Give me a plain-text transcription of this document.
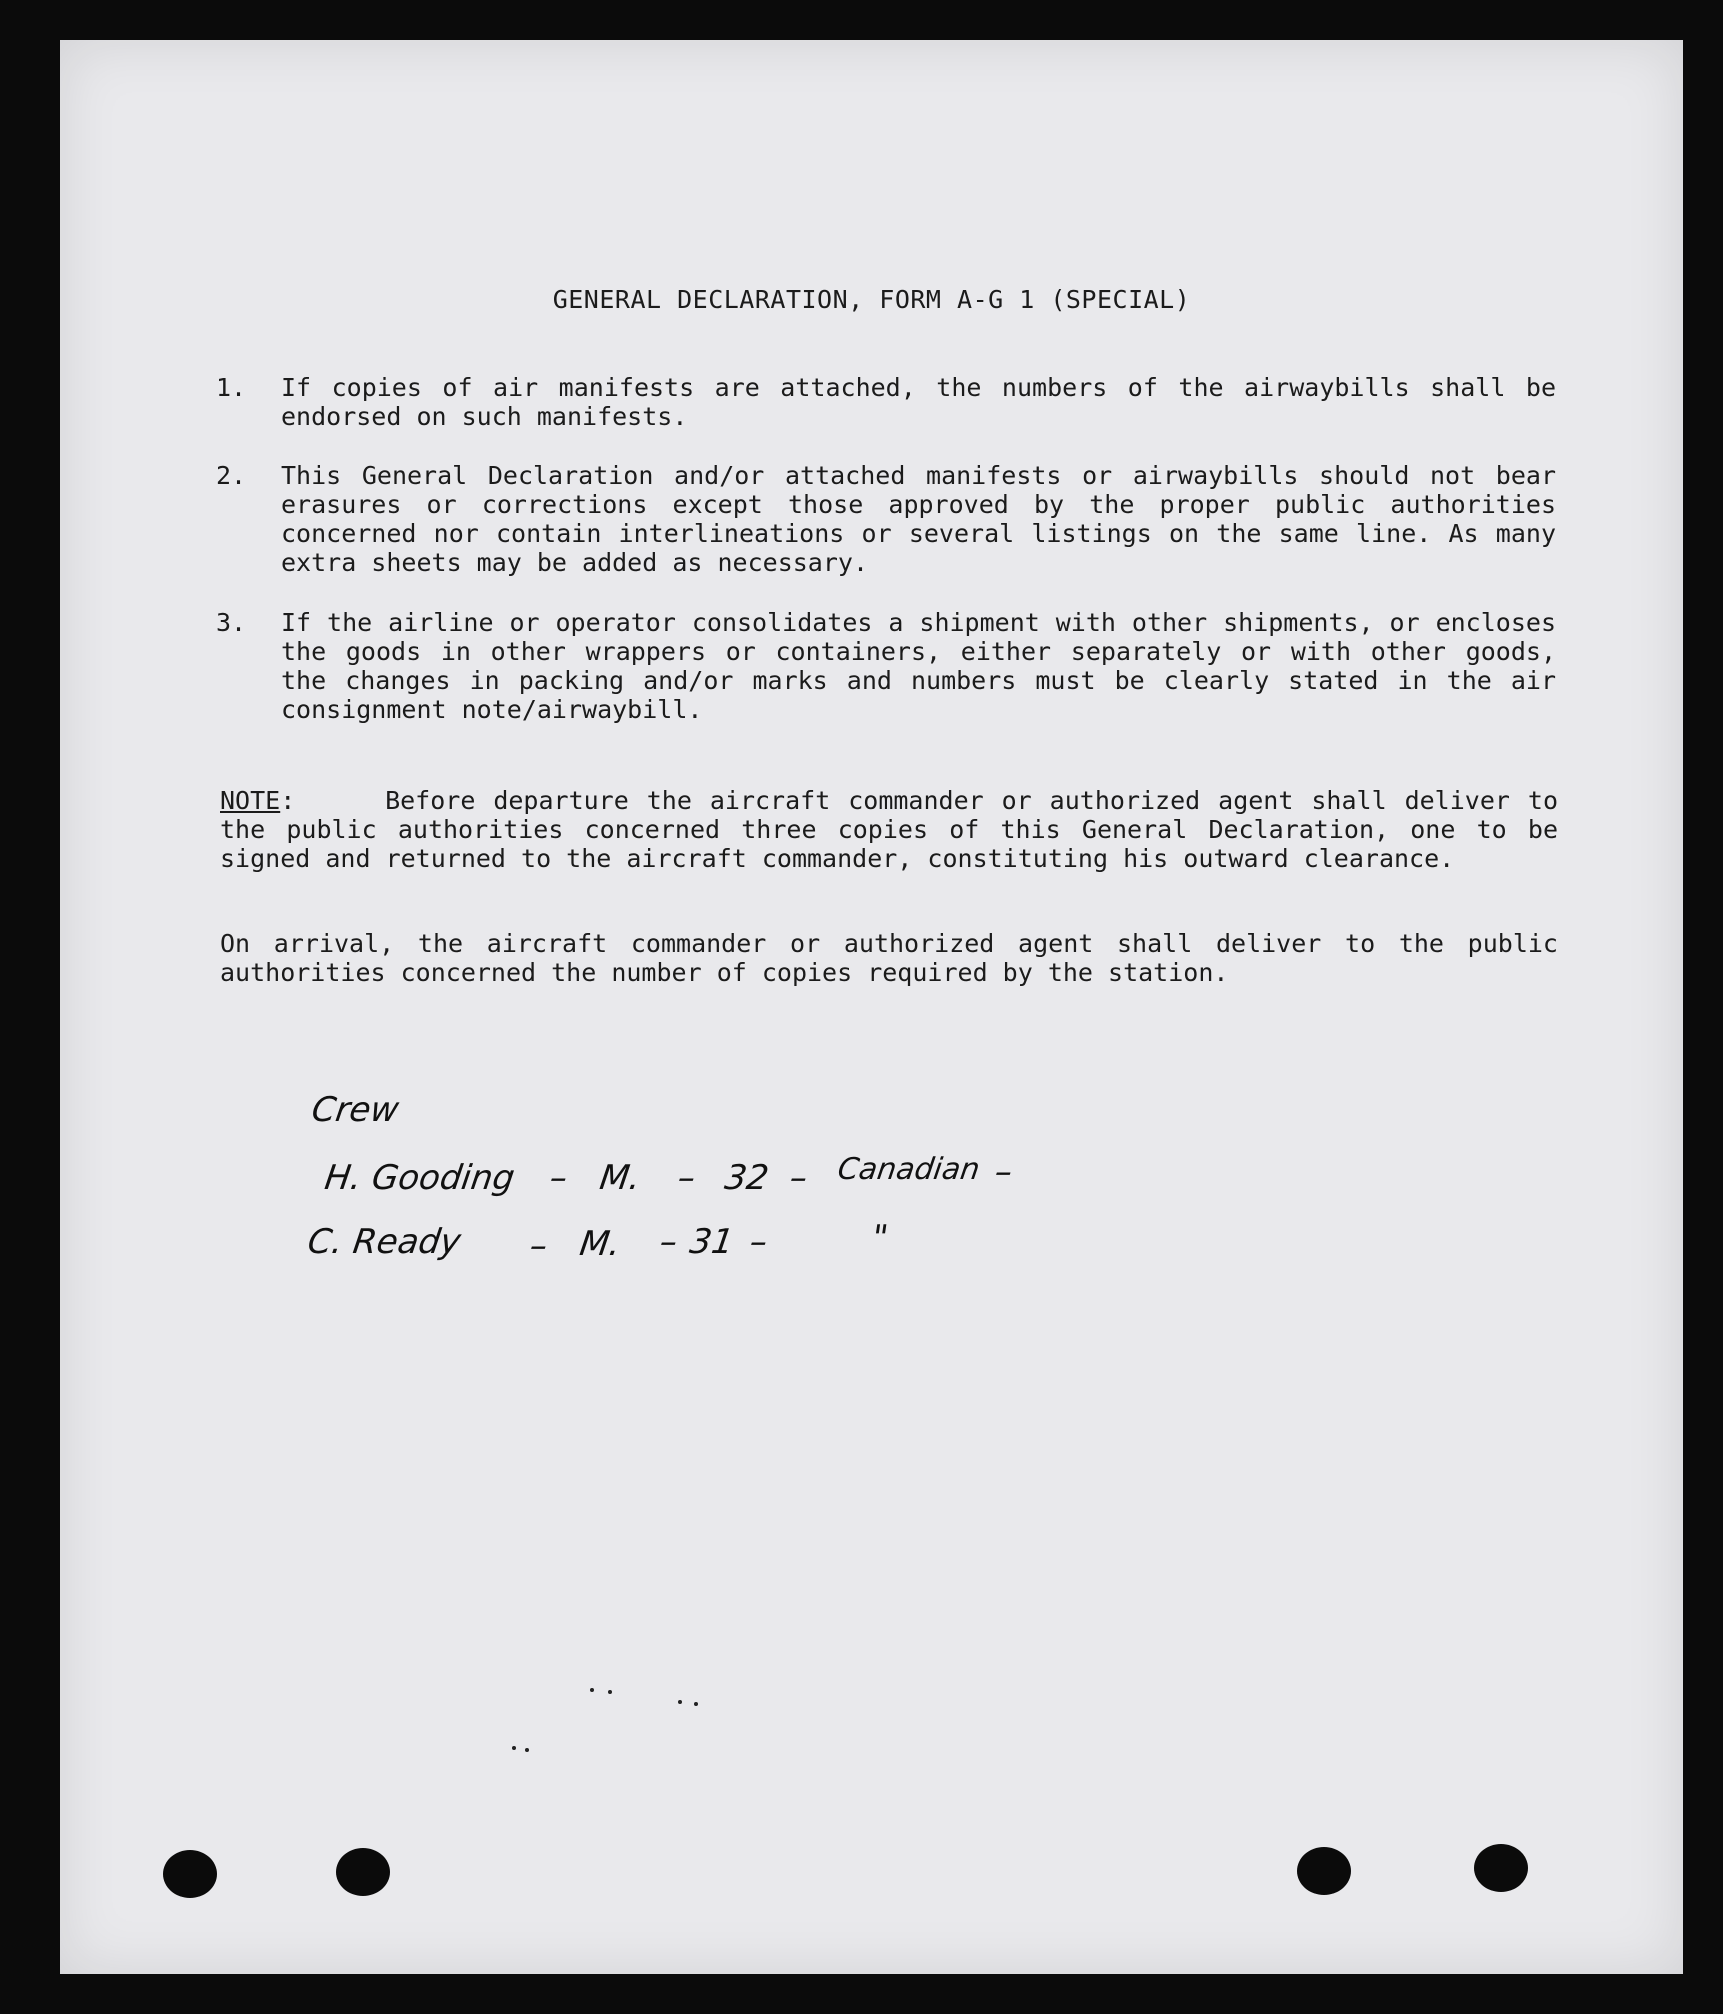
GENERAL DECLARATION, FORM A-G 1 (SPECIAL)
1. If copies of air manifests are attached, the numbers of the airwaybills shall be endorsed on such manifests.
2. This General Declaration and/or attached manifests or airwaybills should not bear erasures or corrections except those approved by the proper public authorities concerned nor contain interlineations or several listings on the same line. As many extra sheets may be added as necessary.
3. If the airline or operator consolidates a shipment with other shipments, or encloses the goods in other wrappers or containers, either separately or with other goods, the changes in packing and/or marks and numbers must be clearly stated in the air consignment note/airwaybill.
NOTE:	Before departure the aircraft commander or authorized agent shall deliver to the public authorities concerned three copies of this General Declaration, one to be signed and returned to the aircraft commander, constituting his outward clearance.
On arrival, the aircraft commander or authorized agent shall deliver to the public authorities concerned the number of copies required by the station.
Crew
H. Gooding – M. – 32 – Canadian –
C. Ready – M. – 31 –	"
